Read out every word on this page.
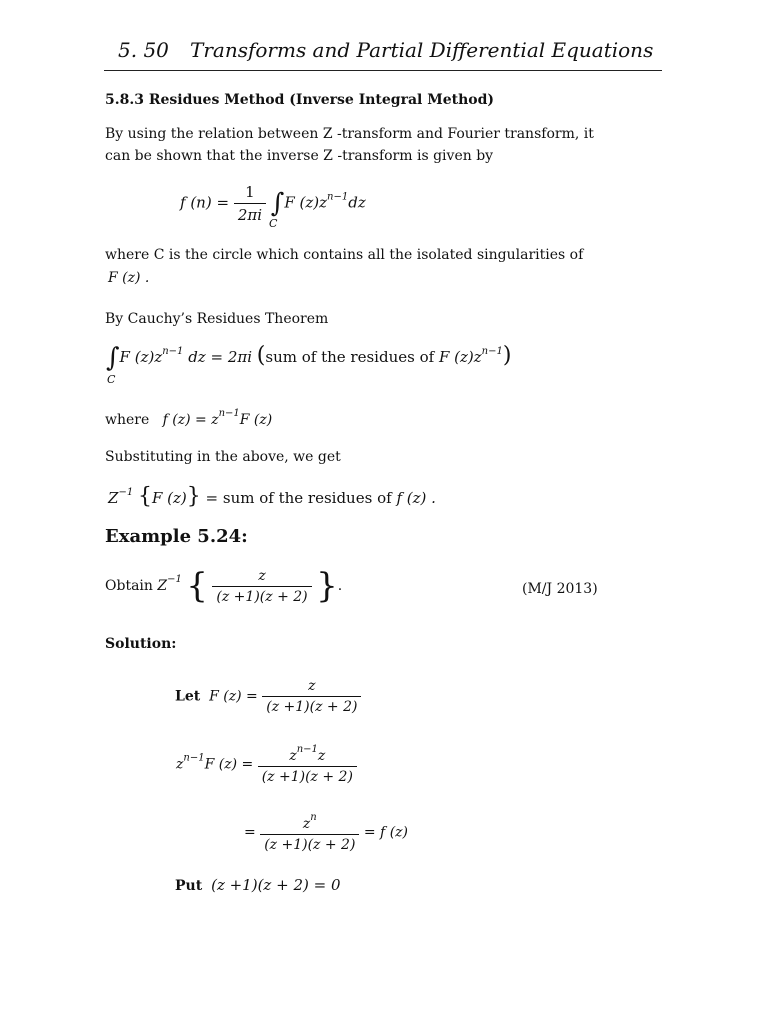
5. 50 Transforms and Partial Differential Equations
5.8.3 Residues Method (Inverse Integral Method)
By using the relation between Z -transform and Fourier transform, it
can be shown that the inverse Z -transform is given by
f $(n) = \frac{1}{2\pi i} \int F$ $(z)z^{n-1}dz$
C
where C is the circle which contains all the isolated singularities of
F (z) .
By Cauchy’s Residues Theorem
∫F $(z)z^{n-1}$ dz = 2πi (sum of the residues of F $(z)z^{n-1}$)
C
where f $(z) = z^{n-1}F$ (z)
Substituting in the above, we get
$Z^{-1}$ {F (z)} = sum of the residues of f (z) .
Example 5.24:
Obtain $Z^{-1}$ { $\frac{z}{(z +1)(z + 2)}$ }.	(M/J 2013)
Solution:
Let F $(z) = \frac{z}{(z +1)(z + 2)}$
$z^{n-1}F$ $(z) = \frac{z^{n-1}z}{(z +1)(z + 2)}$
= $\frac{z^n}{(z +1)(z + 2)} = f$ (z)
Put (z +1)(z + 2) = 0
